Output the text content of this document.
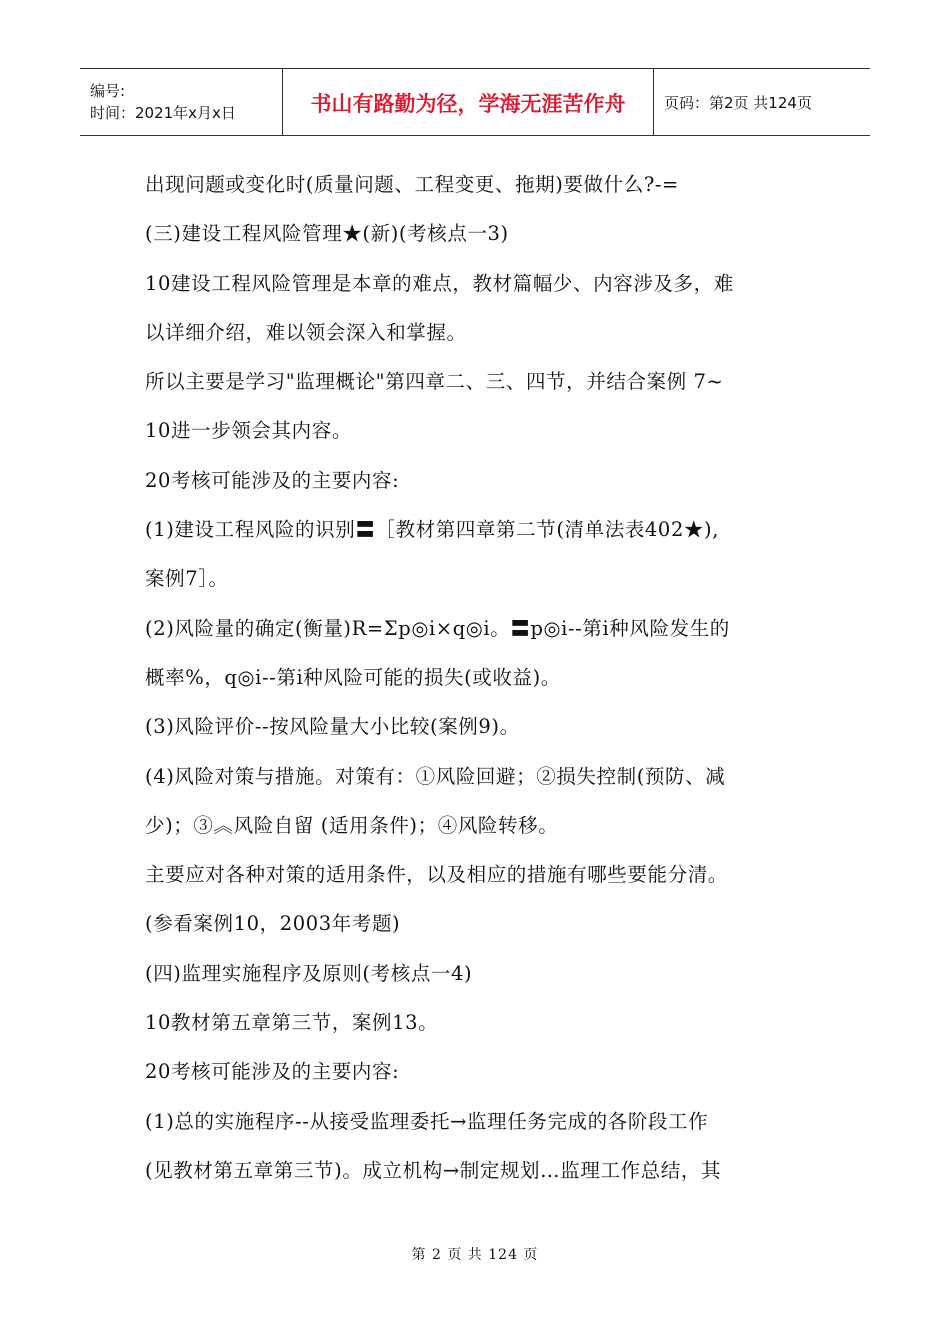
编号:
时间：2021年x月x日	书山有路勤为径，学海无涯苦作舟	页码：第2页 共124页
出现问题或变化时(质量问题、工程变更、拖期)要做什么?-=
(三)建设工程风险管理★(新)(考核点一3)
10建设工程风险管理是本章的难点，教材篇幅少、内容涉及多，难
以详细介绍，难以领会深入和掌握。
所以主要是学习"监理概论"第四章二、三、四节，并结合案例 7~
10进一步领会其内容。
20考核可能涉及的主要内容:
(1)建设工程风险的识别〓［教材第四章第二节(清单法表402★),
案例7］。
(2)风险量的确定(衡量)R=Σp◎i×q◎i。〓p◎i--第i种风险发生的
概率%，q◎i--第i种风险可能的损失(或收益)。
(3)风险评价--按风险量大小比较(案例9)。
(4)风险对策与措施。对策有：①风险回避；②损失控制(预防、减
少)；③︽风险自留 (适用条件)；④风险转移。
主要应对各种对策的适用条件，以及相应的措施有哪些要能分清。
(参看案例10，2003年考题)
(四)监理实施程序及原则(考核点一4)
10教材第五章第三节，案例13。
20考核可能涉及的主要内容:
(1)总的实施程序--从接受监理委托→监理任务完成的各阶段工作
(见教材第五章第三节)。成立机构→制定规划…监理工作总结，其
第 2 页 共 124 页
